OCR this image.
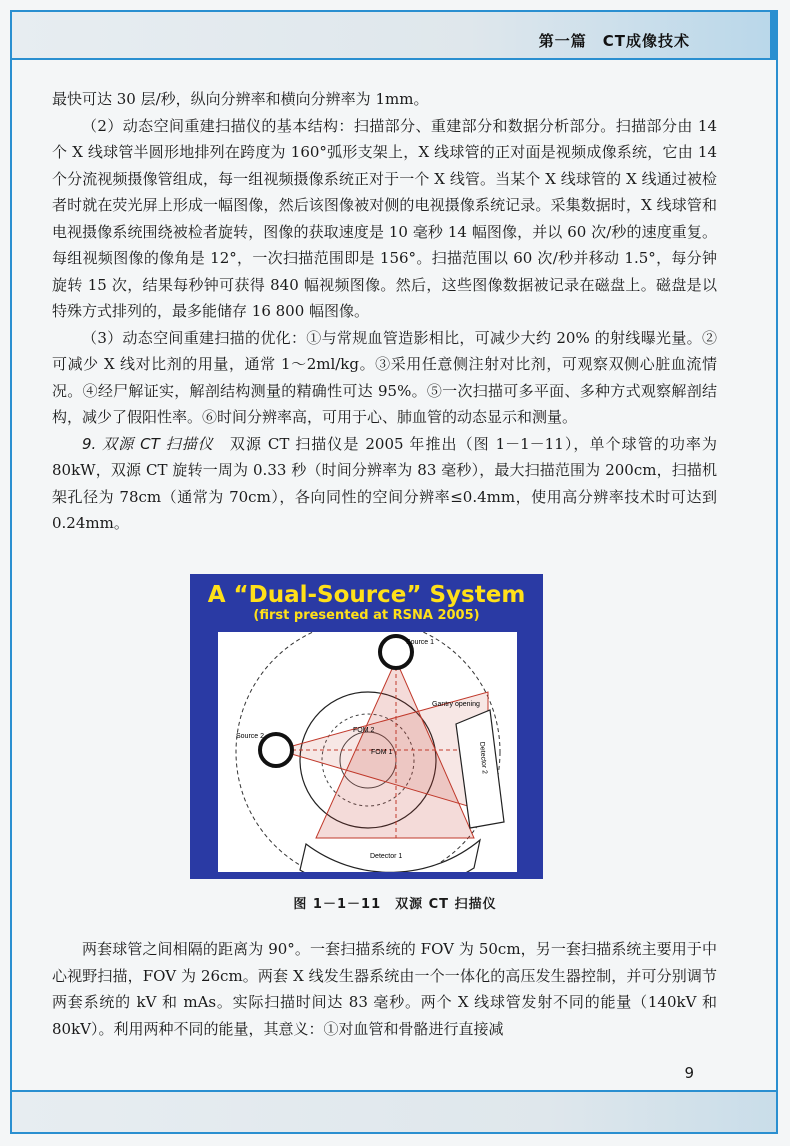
第一篇　CT成像技术

最快可达 30 层/秒，纵向分辨率和横向分辨率为 1mm。

（2）动态空间重建扫描仪的基本结构：扫描部分、重建部分和数据分析部分。扫描部分由 14 个 X 线球管半圆形地排列在跨度为 160°弧形支架上，X 线球管的正对面是视频成像系统，它由 14 个分流视频摄像管组成，每一组视频摄像系统正对于一个 X 线管。当某个 X 线球管的 X 线通过被检者时就在荧光屏上形成一幅图像，然后该图像被对侧的电视摄像系统记录。采集数据时，X 线球管和电视摄像系统围绕被检者旋转，图像的获取速度是 10 毫秒 14 幅图像，并以 60 次/秒的速度重复。每组视频图像的像角是 12°，一次扫描范围即是 156°。扫描范围以 60 次/秒并移动 1.5°，每分钟旋转 15 次，结果每秒钟可获得 840 幅视频图像。然后，这些图像数据被记录在磁盘上。磁盘是以特殊方式排列的，最多能储存 16 800 幅图像。

（3）动态空间重建扫描的优化：①与常规血管造影相比，可减少大约 20% 的射线曝光量。②可减少 X 线对比剂的用量，通常 1～2ml/kg。③采用任意侧注射对比剂，可观察双侧心脏血流情况。④经尸解证实，解剖结构测量的精确性可达 95%。⑤一次扫描可多平面、多种方式观察解剖结构，减少了假阳性率。⑥时间分辨率高，可用于心、肺血管的动态显示和测量。

9. 双源 CT 扫描仪　双源 CT 扫描仪是 2005 年推出（图 1－1－11），单个球管的功率为 80kW，双源 CT 旋转一周为 0.33 秒（时间分辨率为 83 毫秒），最大扫描范围为 200cm，扫描机架孔径为 78cm（通常为 70cm），各向同性的空间分辨率≤0.4mm，使用高分辨率技术时可达到 0.24mm。

A “Dual-Source” System
(first presented at RSNA 2005)
Source 1
Source 2
Gantry opening
FOM 1
FOM 2
Detector 1
Detector 2
图 1－1－11　双源 CT 扫描仪

两套球管之间相隔的距离为 90°。一套扫描系统的 FOV 为 50cm，另一套扫描系统主要用于中心视野扫描，FOV 为 26cm。两套 X 线发生器系统由一个一体化的高压发生器控制，并可分别调节两套系统的 kV 和 mAs。实际扫描时间达 83 毫秒。两个 X 线球管发射不同的能量（140kV 和 80kV）。利用两种不同的能量，其意义：①对血管和骨骼进行直接减

9
